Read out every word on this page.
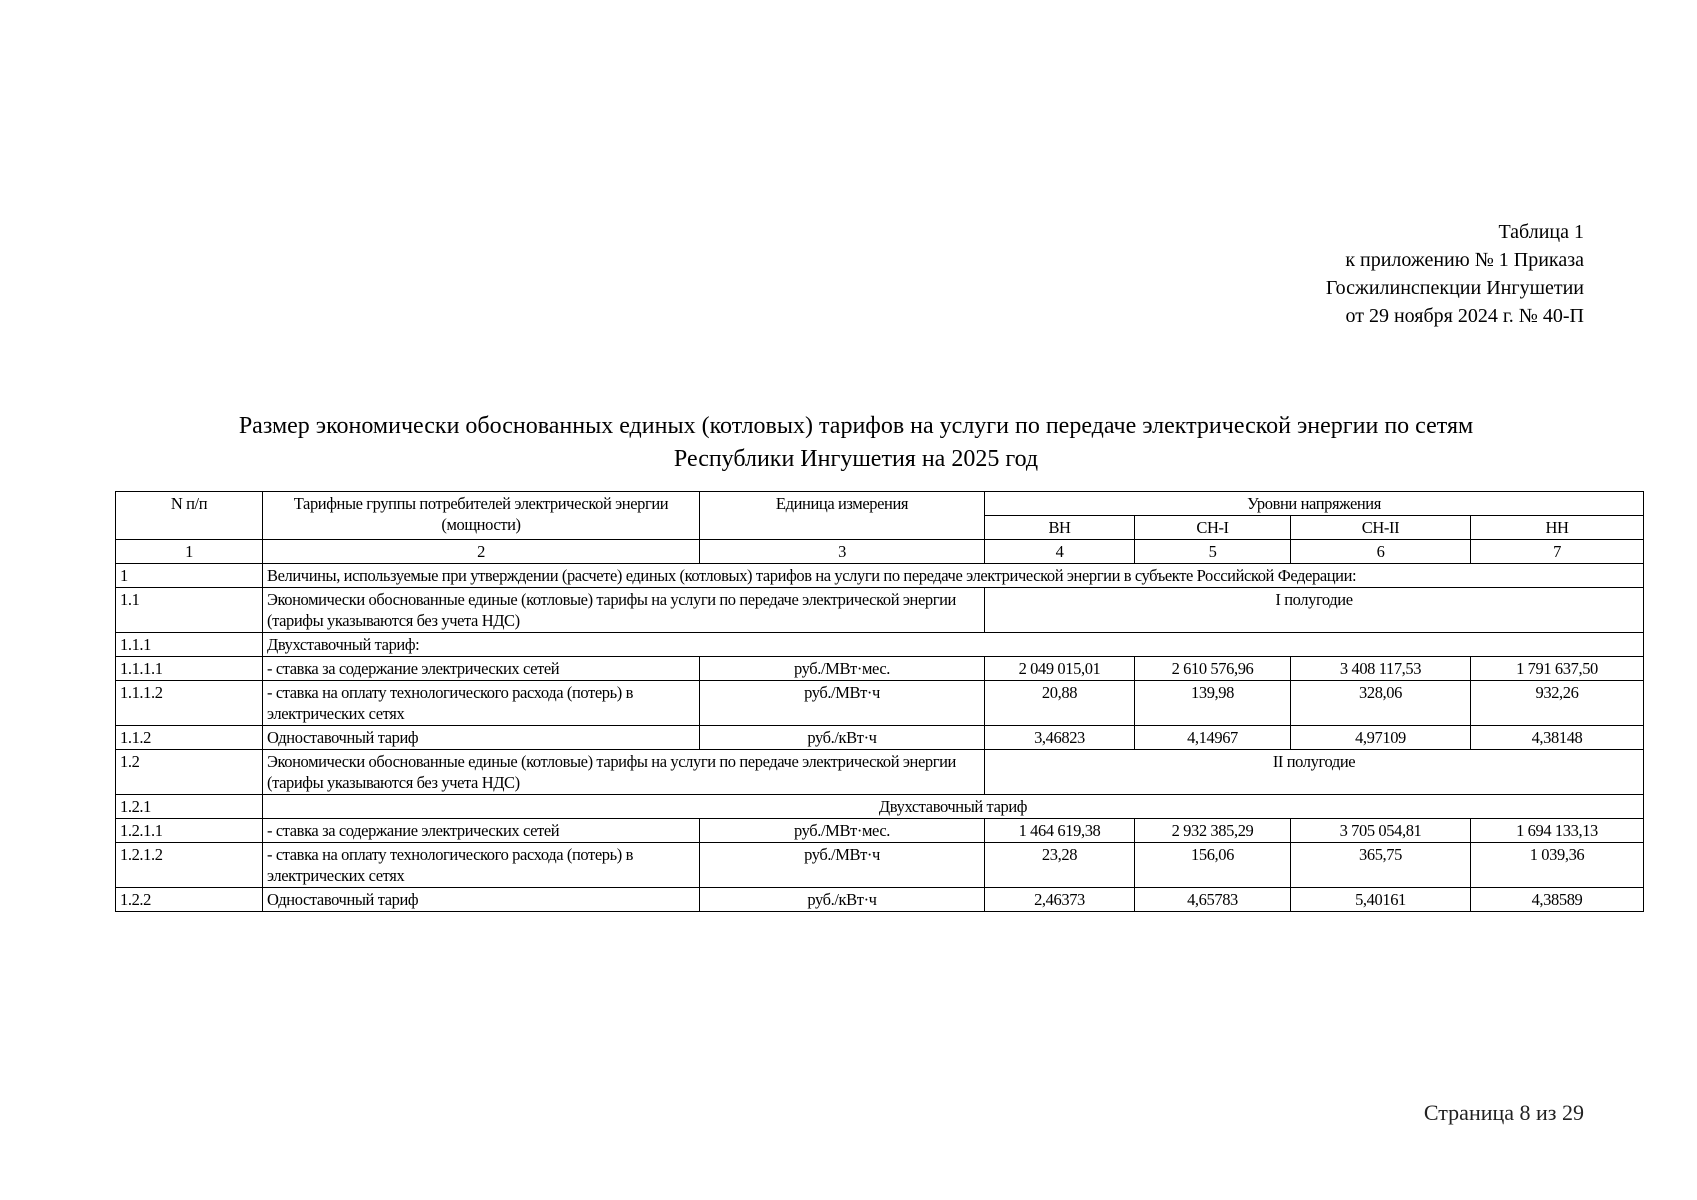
Таблица 1
к приложению № 1 Приказа
Госжилинспекции Ингушетии
от 29 ноября 2024 г. № 40-П
Размер экономически обоснованных единых (котловых) тарифов на услуги по передаче электрической энергии по сетям
Республики Ингушетия на 2025 год
N п/п	Тарифные группы потребителей электрической энергии (мощности)	Единица измерения	Уровни напряжения			
			ВН	СН-I	СН-II	НН
1	2	3	4	5	6	7
1	Величины, используемые при утверждении (расчете) единых (котловых) тарифов на услуги по передаче электрической энергии в субъекте Российской Федерации:					
1.1	Экономически обоснованные единые (котловые) тарифы на услуги по передаче электрической энергии (тарифы указываются без учета НДС)		I полугодие			
1.1.1	Двухставочный тариф:					
1.1.1.1	- ставка за содержание электрических сетей	руб./МВт·мес.	2 049 015,01	2 610 576,96	3 408 117,53	1 791 637,50
1.1.1.2	- ставка на оплату технологического расхода (потерь) в электрических сетях	руб./МВт·ч	20,88	139,98	328,06	932,26
1.1.2	Одноставочный тариф	руб./кВт·ч	3,46823	4,14967	4,97109	4,38148
1.2	Экономически обоснованные единые (котловые) тарифы на услуги по передаче электрической энергии (тарифы указываются без учета НДС)		II полугодие			
1.2.1	Двухставочный тариф					
1.2.1.1	- ставка за содержание электрических сетей	руб./МВт·мес.	1 464 619,38	2 932 385,29	3 705 054,81	1 694 133,13
1.2.1.2	- ставка на оплату технологического расхода (потерь) в электрических сетях	руб./МВт·ч	23,28	156,06	365,75	1 039,36
1.2.2	Одноставочный тариф	руб./кВт·ч	2,46373	4,65783	5,40161	4,38589
Страница 8 из 29
